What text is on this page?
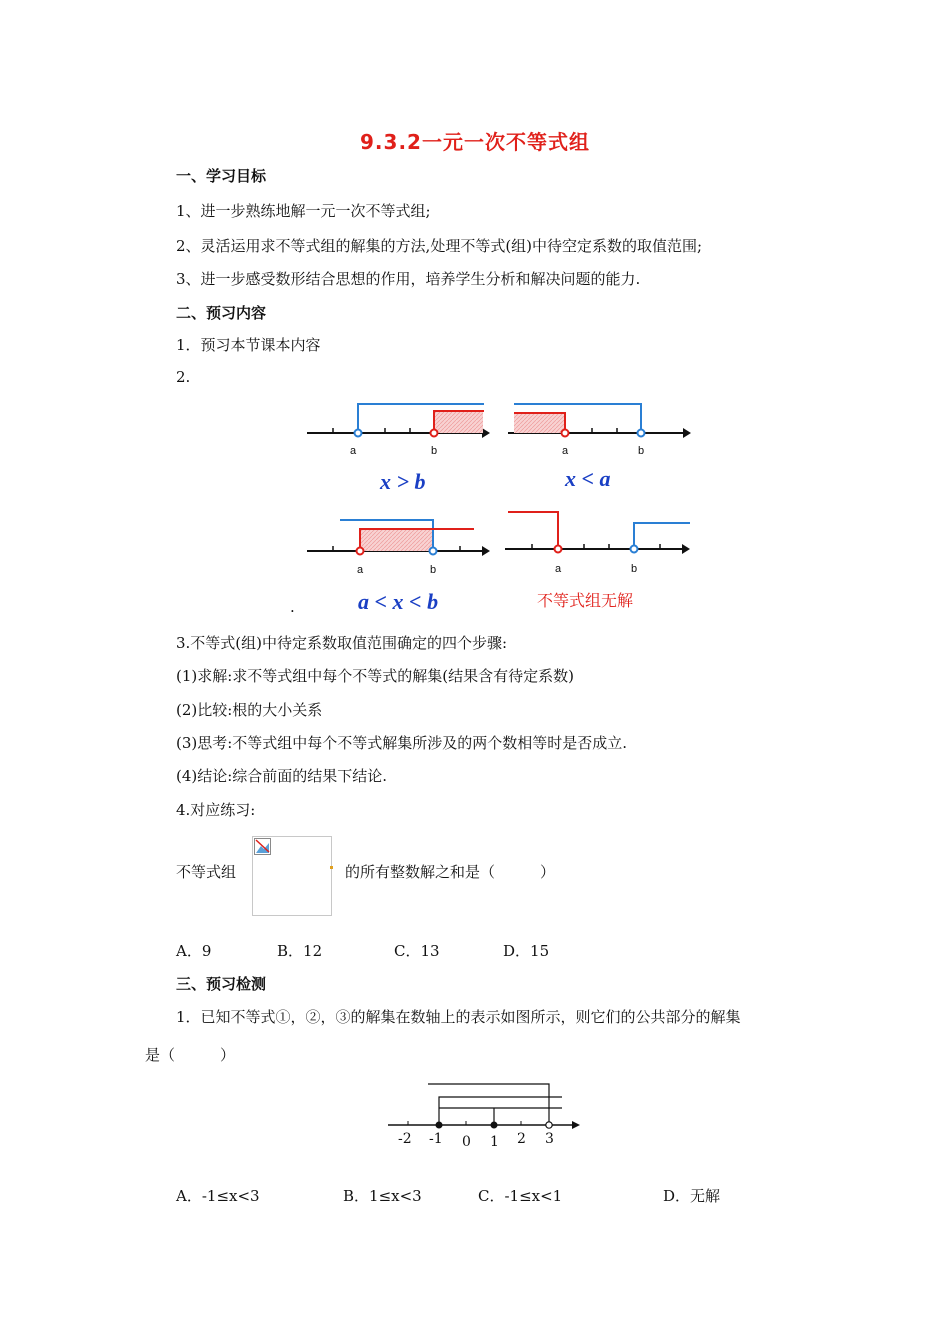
9.3.2一元一次不等式组
一、学习目标
1、进一步熟练地解一元一次不等式组;
2、灵活运用求不等式组的解集的方法,处理不等式(组)中待空定系数的取值范围;
3、进一步感受数形结合思想的作用，培养学生分析和解决问题的能力.
二、预习内容
1．预习本节课本内容
2.
a	b	a	b
a	b	a	b
x > b	x < a
a < x < b	不等式组无解
.
3.不等式(组)中待定系数取值范围确定的四个步骤:
(1)求解:求不等式组中每个不等式的解集(结果含有待定系数)
(2)比较:根的大小关系
(3)思考:不等式组中每个不等式解集所涉及的两个数相等时是否成立.
(4)结论:综合前面的结果下结论.
4.对应练习:
不等式组	的所有整数解之和是（　　　）
A．9	B．12	C．13	D．15
三、预习检测
1．已知不等式①，②，③的解集在数轴上的表示如图所示，则它们的公共部分的解集
是（　　　）
-2 -1 0 1 2 3
A．-1≤x<3	B．1≤x<3	C．-1≤x<1	D．无解
